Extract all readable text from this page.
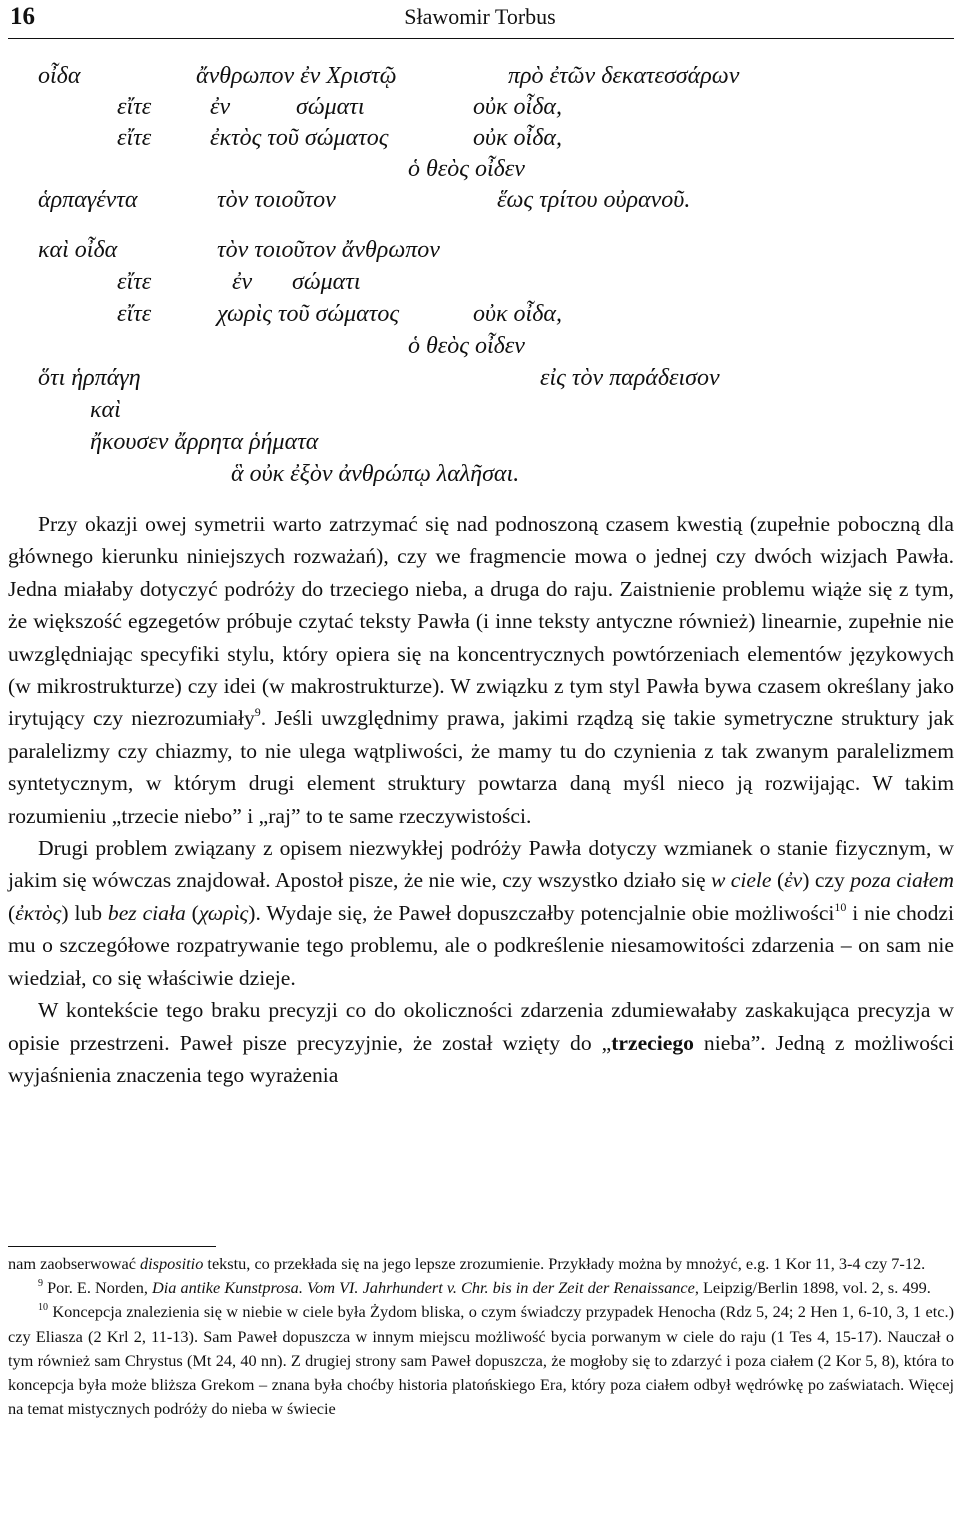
16	Sławomir Torbus
οἶδα	ἄνθρωπον ἐν Χριστῷ	πρὸ ἐτῶν δεκατεσσάρων
εἴτε ἐν	σώματι	οὐκ οἶδα,
εἴτε ἐκτὸς τοῦ σώματος	οὐκ οἶδα,
ὁ θεὸς οἶδεν
ἁρπαγέντα	τὸν τοιοῦτον	ἕως τρίτου οὐρανοῦ.
καὶ οἶδα	τὸν τοιοῦτον ἄνθρωπον
εἴτε	ἐν σώματι
εἴτε	χωρὶς τοῦ σώματος	οὐκ οἶδα,
ὁ θεὸς οἶδεν
ὅτι ἡρπάγη	εἰς τὸν παράδεισον
καὶ
ἤκουσεν ἄρρητα ῥήματα
ἃ οὐκ ἐξὸν ἀνθρώπῳ λαλῆσαι.

Przy okazji owej symetrii warto zatrzymać się nad podnoszoną czasem kwestią (zupełnie poboczną dla głównego kierunku niniejszych rozważań), czy we fragmencie mowa o jednej czy dwóch wizjach Pawła. Jedna miałaby dotyczyć podróży do trzeciego nieba, a druga do raju. Zaistnienie problemu wiąże się z tym, że większość egzegetów próbuje czytać teksty Pawła (i inne teksty antyczne również) linearnie, zupełnie nie uwzględniając specyfiki stylu, który opiera się na koncentrycznych powtórzeniach elementów językowych (w mikrostrukturze) czy idei (w makrostrukturze). W związku z tym styl Pawła bywa czasem określany jako irytujący czy niezrozumiały$^9$. Jeśli uwzględnimy prawa, jakimi rządzą się takie symetryczne struktury jak paralelizmy czy chiazmy, to nie ulega wątpliwości, że mamy tu do czynienia z tak zwanym paralelizmem syntetycznym, w którym drugi element struktury powtarza daną myśl nieco ją rozwijając. W takim rozumieniu „trzecie niebo” i „raj” to te same rzeczywistości.

Drugi problem związany z opisem niezwykłej podróży Pawła dotyczy wzmianek o stanie fizycznym, w jakim się wówczas znajdował. Apostoł pisze, że nie wie, czy wszystko działo się w ciele (ἐν) czy poza ciałem (ἐκτὸς) lub bez ciała (χωρὶς). Wydaje się, że Paweł dopuszczałby potencjalnie obie możliwości$^{10}$ i nie chodzi mu o szczegółowe rozpatrywanie tego problemu, ale o podkreślenie niesamowitości zdarzenia – on sam nie wiedział, co się właściwie dzieje.

W kontekście tego braku precyzji co do okoliczności zdarzenia zdumiewałaby zaskakująca precyzja w opisie przestrzeni. Paweł pisze precyzyjnie, że został wzięty do „trzeciego nieba”. Jedną z możliwości wyjaśnienia znaczenia tego wyrażenia

nam zaobserwować dispositio tekstu, co przekłada się na jego lepsze zrozumienie. Przykłady można by mnożyć, e.g. 1 Kor 11, 3-4 czy 7-12.

$^9$ Por. E. Norden, Dia antike Kunstprosa. Vom VI. Jahrhundert v. Chr. bis in der Zeit der Renaissance, Leipzig/Berlin 1898, vol. 2, s. 499.

$^{10}$ Koncepcja znalezienia się w niebie w ciele była Żydom bliska, o czym świadczy przypadek Henocha (Rdz 5, 24; 2 Hen 1, 6-10, 3, 1 etc.) czy Eliasza (2 Krl 2, 11-13). Sam Paweł dopuszcza w innym miejscu możliwość bycia porwanym w ciele do raju (1 Tes 4, 15-17). Nauczał o tym również sam Chrystus (Mt 24, 40 nn). Z drugiej strony sam Paweł dopuszcza, że mogłoby się to zdarzyć i poza ciałem (2 Kor 5, 8), która to koncepcja była może bliższa Grekom – znana była choćby historia platońskiego Era, który poza ciałem odbył wędrówkę po zaświatach. Więcej na temat mistycznych podróży do nieba w świecie
